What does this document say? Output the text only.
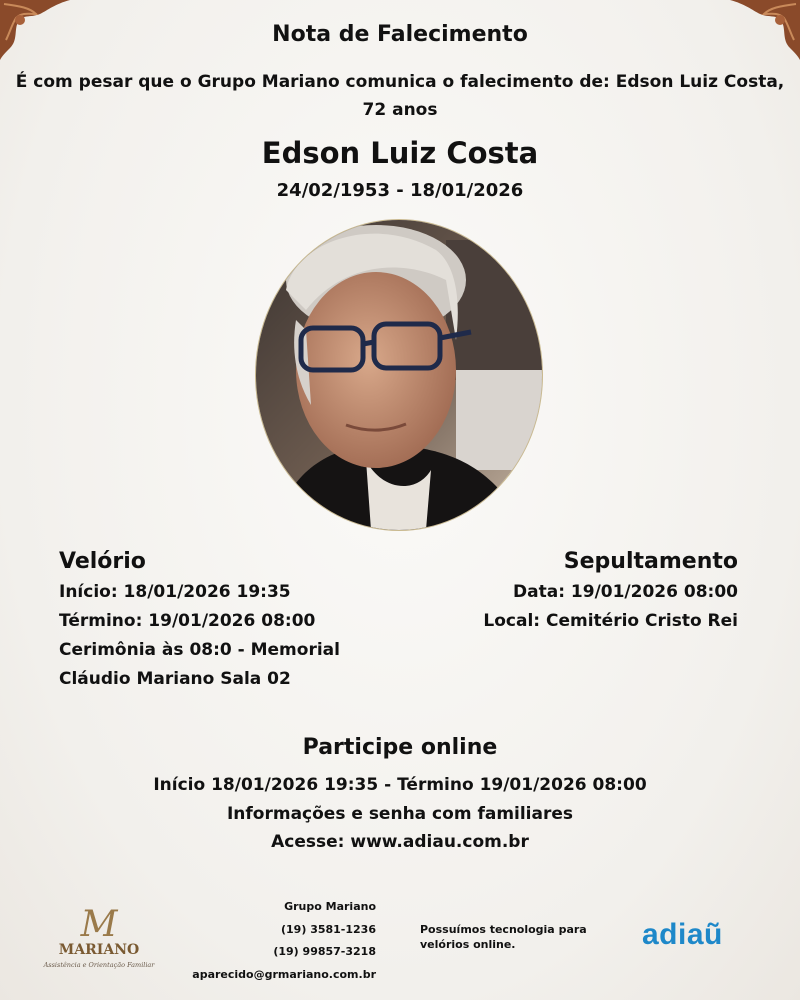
Nota de Falecimento
É com pesar que o Grupo Mariano comunica o falecimento de: Edson Luiz Costa, 72 anos
Edson Luiz Costa
24/02/1953 - 18/01/2026
Velório
Início: 18/01/2026 19:35
Término: 19/01/2026 08:00
Cerimônia às 08:0 - Memorial
Cláudio Mariano Sala 02
Sepultamento
Data: 19/01/2026 08:00
Local: Cemitério Cristo Rei
Participe online
Início 18/01/2026 19:35 - Término 19/01/2026 08:00
Informações e senha com familiares
Acesse: www.adiau.com.br
M
MARIANO
Assistência e Orientação Familiar
Grupo Mariano
(19) 3581-1236
(19) 99857-3218
aparecido@grmariano.com.br
Possuímos tecnologia para velórios online.	adiaũ
